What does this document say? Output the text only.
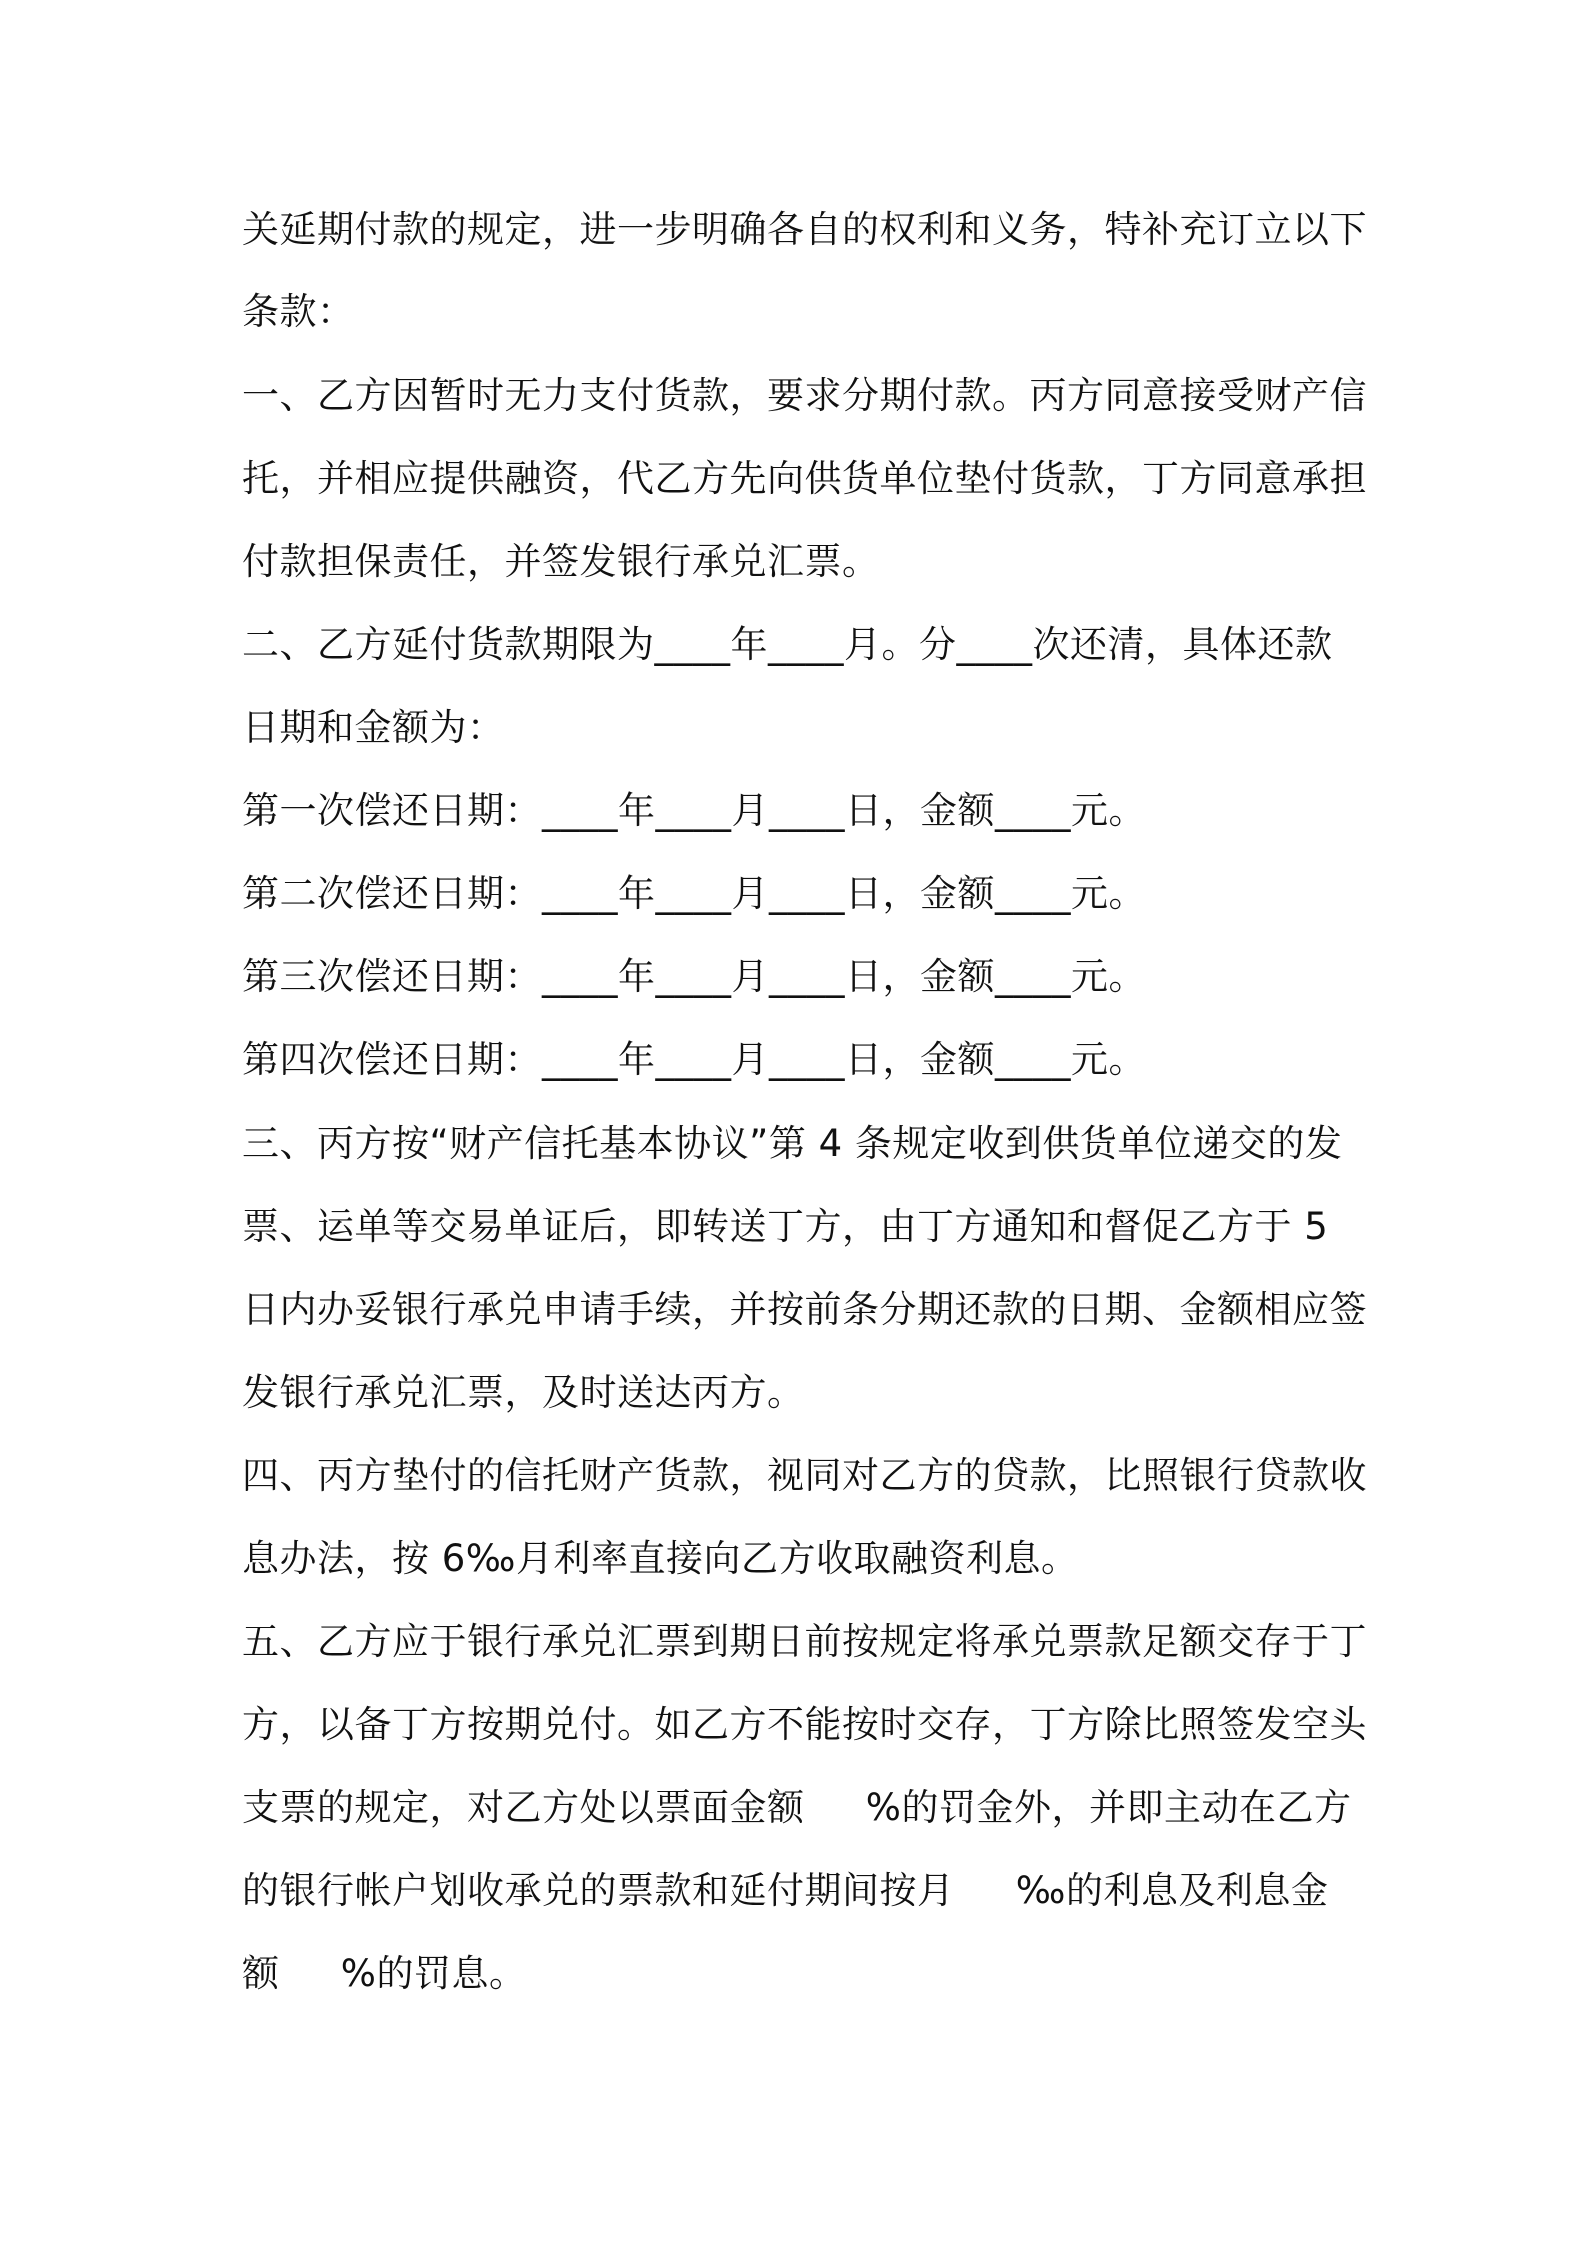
关延期付款的规定，进一步明确各自的权利和义务，特补充订立以下
条款：
一、乙方因暂时无力支付货款，要求分期付款。丙方同意接受财产信
托，并相应提供融资，代乙方先向供货单位垫付货款，丁方同意承担
付款担保责任，并签发银行承兑汇票。
二、乙方延付货款期限为____年____月。分____次还清，具体还款
日期和金额为：
第一次偿还日期：____年____月____日，金额____元。
第二次偿还日期：____年____月____日，金额____元。
第三次偿还日期：____年____月____日，金额____元。
第四次偿还日期：____年____月____日，金额____元。
三、丙方按“财产信托基本协议”第 4 条规定收到供货单位递交的发
票、运单等交易单证后，即转送丁方，由丁方通知和督促乙方于 5
日内办妥银行承兑申请手续，并按前条分期还款的日期、金额相应签
发银行承兑汇票，及时送达丙方。
四、丙方垫付的信托财产货款，视同对乙方的贷款，比照银行贷款收
息办法，按 6‰月利率直接向乙方收取融资利息。
五、乙方应于银行承兑汇票到期日前按规定将承兑票款足额交存于丁
方，以备丁方按期兑付。如乙方不能按时交存，丁方除比照签发空头
支票的规定，对乙方处以票面金额     %的罚金外，并即主动在乙方
的银行帐户划收承兑的票款和延付期间按月     ‰的利息及利息金
额     %的罚息。
